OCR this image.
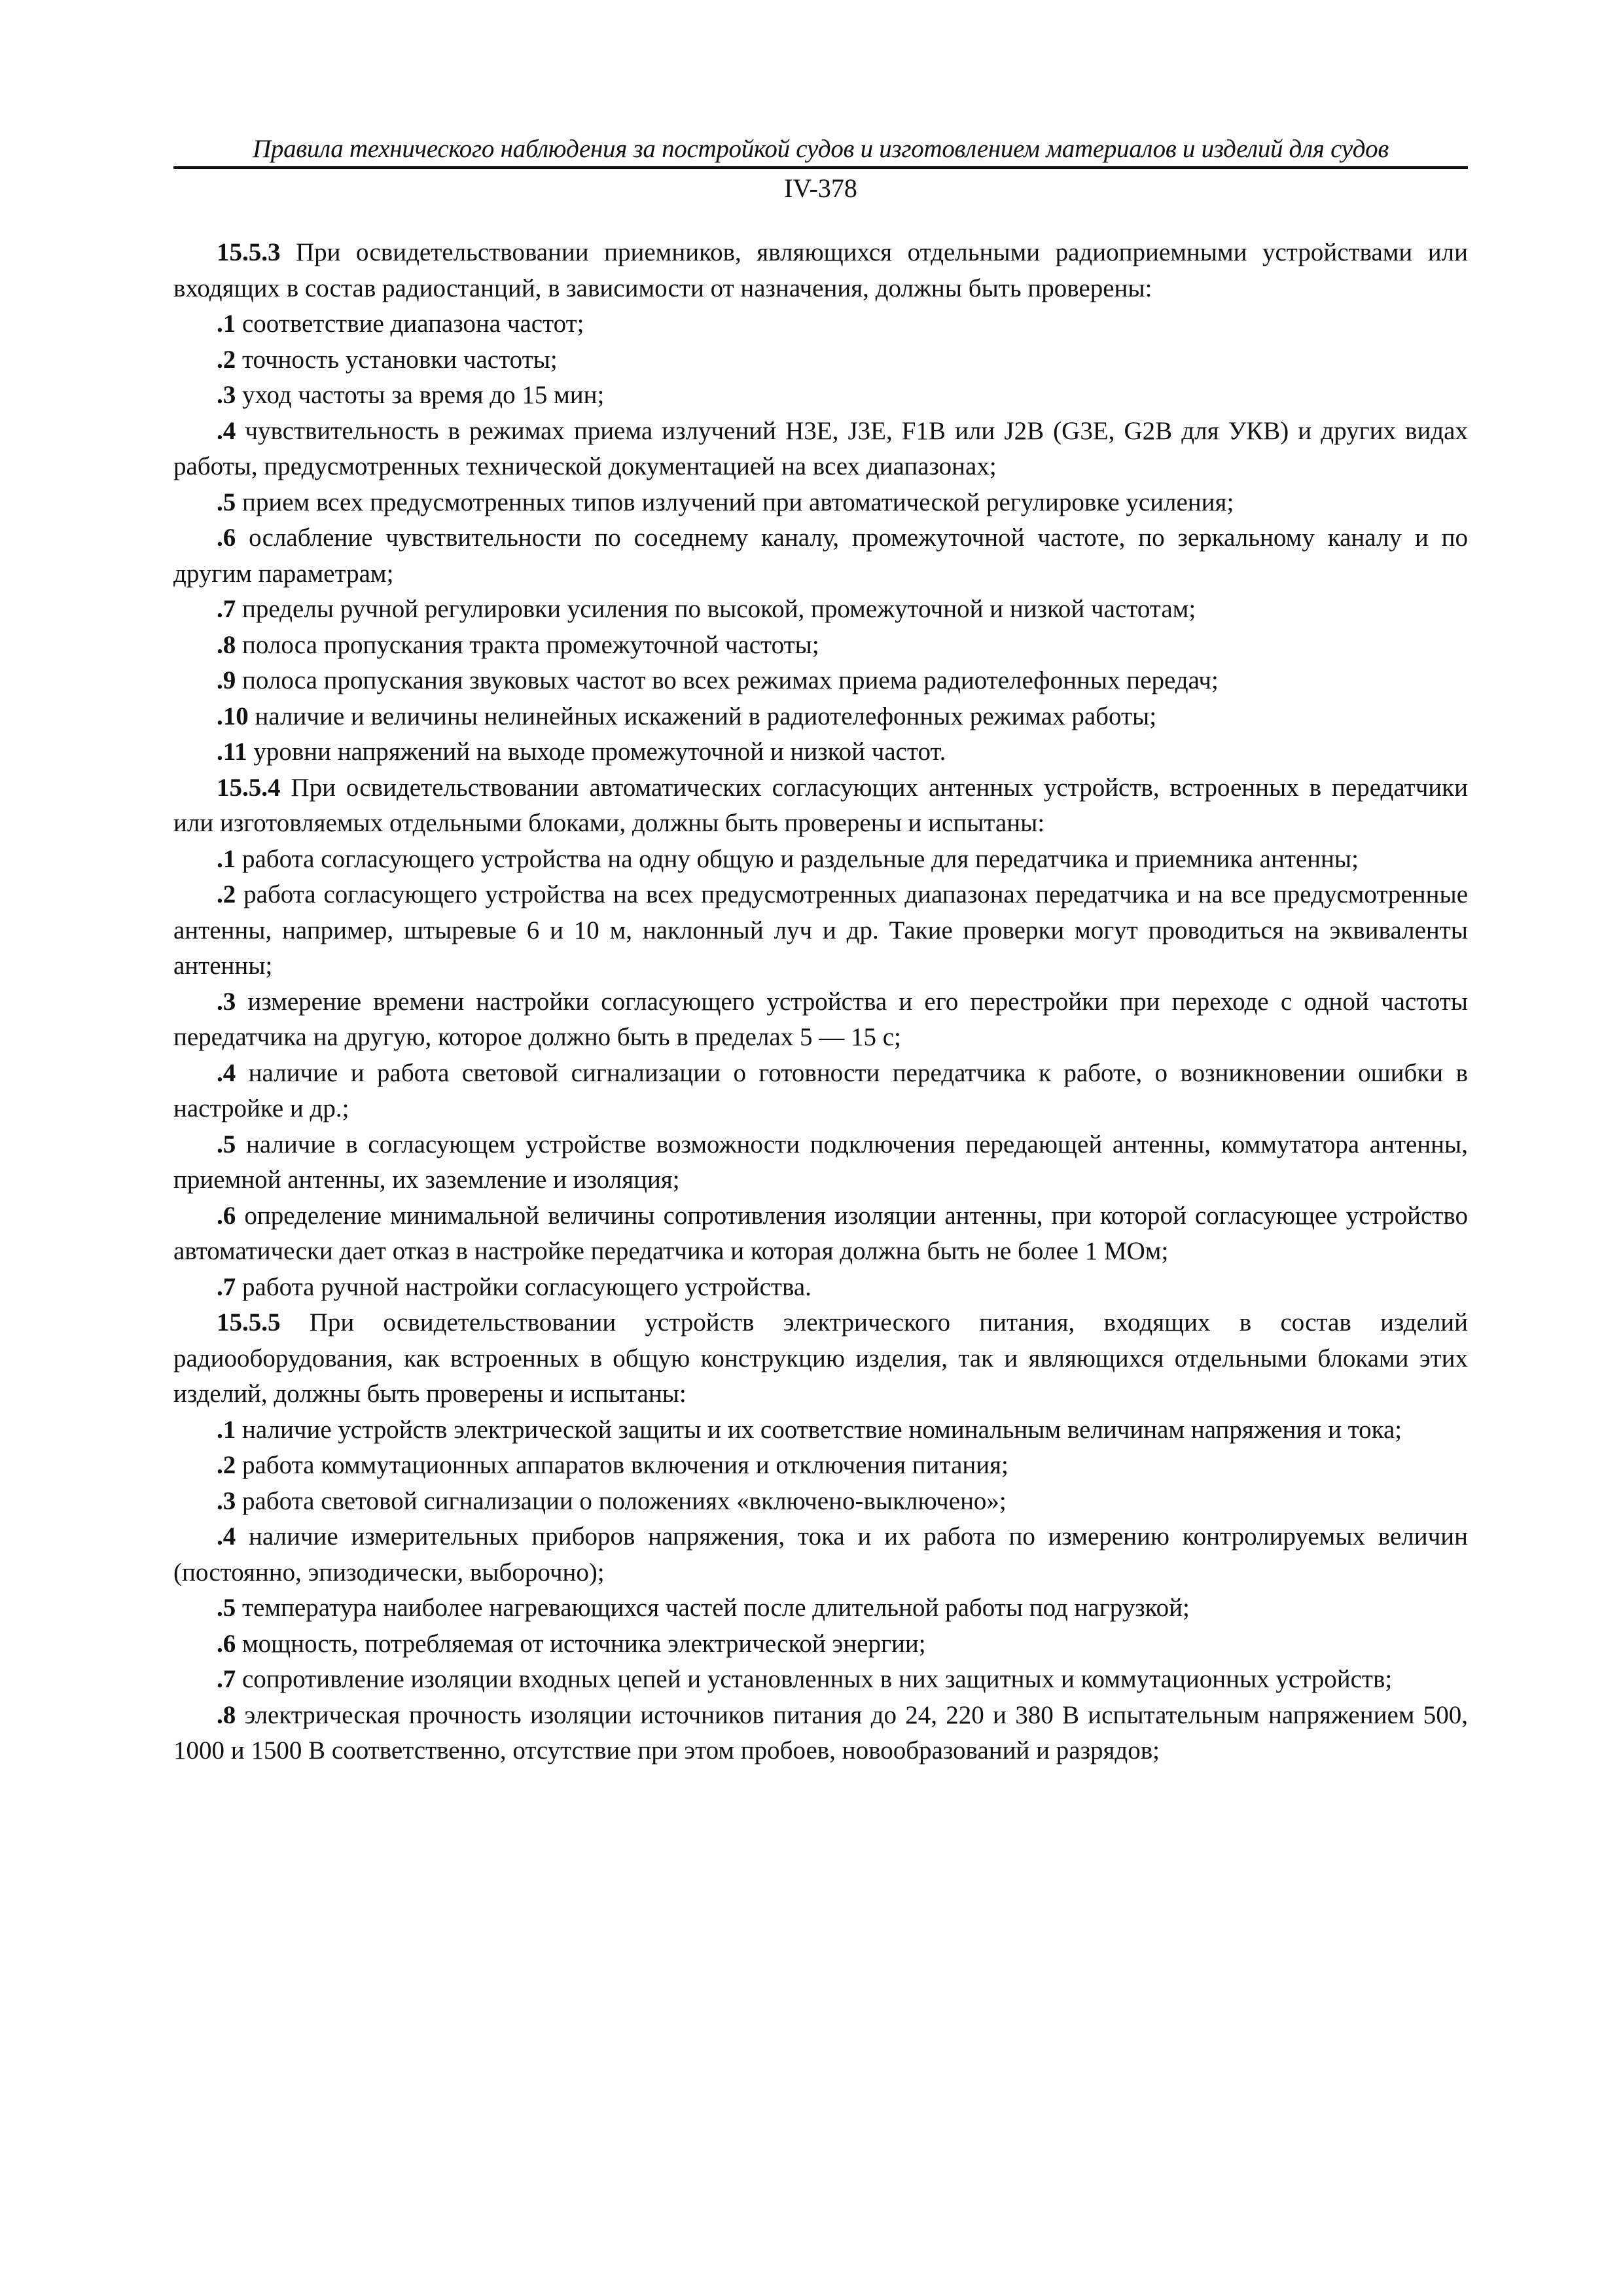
Правила технического наблюдения за постройкой судов и изготовлением материалов и изделий для судов
IV-378

15.5.3 При освидетельствовании приемников, являющихся отдельными радиоприемными устройствами или входящих в состав радиостанций, в зависимости от назначения, должны быть проверены:

.1 соответствие диапазона частот;

.2 точность установки частоты;

.3 уход частоты за время до 15 мин;

.4 чувствительность в режимах приема излучений H3E, J3E, F1B или J2B (G3E, G2B для УКВ) и других видах работы, предусмотренных технической документацией на всех диапазонах;

.5 прием всех предусмотренных типов излучений при автоматической регулировке усиления;

.6 ослабление чувствительности по соседнему каналу, промежуточной частоте, по зеркальному каналу и по другим параметрам;

.7 пределы ручной регулировки усиления по высокой, промежуточной и низкой частотам;

.8 полоса пропускания тракта промежуточной частоты;

.9 полоса пропускания звуковых частот во всех режимах приема радиотелефонных передач;

.10 наличие и величины нелинейных искажений в радиотелефонных режимах работы;

.11 уровни напряжений на выходе промежуточной и низкой частот.

15.5.4 При освидетельствовании автоматических согласующих антенных устройств, встроенных в передатчики или изготовляемых отдельными блоками, должны быть проверены и испытаны:

.1 работа согласующего устройства на одну общую и раздельные для передатчика и приемника антенны;

.2 работа согласующего устройства на всех предусмотренных диапазонах передатчика и на все предусмотренные антенны, например, штыревые 6 и 10 м, наклонный луч и др. Такие проверки могут проводиться на эквиваленты антенны;

.3 измерение времени настройки согласующего устройства и его перестройки при переходе с одной частоты передатчика на другую, которое должно быть в пределах 5 — 15 с;

.4 наличие и работа световой сигнализации о готовности передатчика к работе, о возникновении ошибки в настройке и др.;

.5 наличие в согласующем устройстве возможности подключения передающей антенны, коммутатора антенны, приемной антенны, их заземление и изоляция;

.6 определение минимальной величины сопротивления изоляции антенны, при которой согласующее устройство автоматически дает отказ в настройке передатчика и которая должна быть не более 1 МОм;

.7 работа ручной настройки согласующего устройства.

15.5.5 При освидетельствовании устройств электрического питания, входящих в состав изделий радиооборудования, как встроенных в общую конструкцию изделия, так и являющихся отдельными блоками этих изделий, должны быть проверены и испытаны:

.1 наличие устройств электрической защиты и их соответствие номинальным величинам напряжения и тока;

.2 работа коммутационных аппаратов включения и отключения питания;

.3 работа световой сигнализации о положениях «включено-выключено»;

.4 наличие измерительных приборов напряжения, тока и их работа по измерению контролируемых величин (постоянно, эпизодически, выборочно);

.5 температура наиболее нагревающихся частей после длительной работы под нагрузкой;

.6 мощность, потребляемая от источника электрической энергии;

.7 сопротивление изоляции входных цепей и установленных в них защитных и коммутационных устройств;

.8 электрическая прочность изоляции источников питания до 24, 220 и 380 В испытательным напряжением 500, 1000 и 1500 В соответственно, отсутствие при этом пробоев, новообразований и разрядов;
